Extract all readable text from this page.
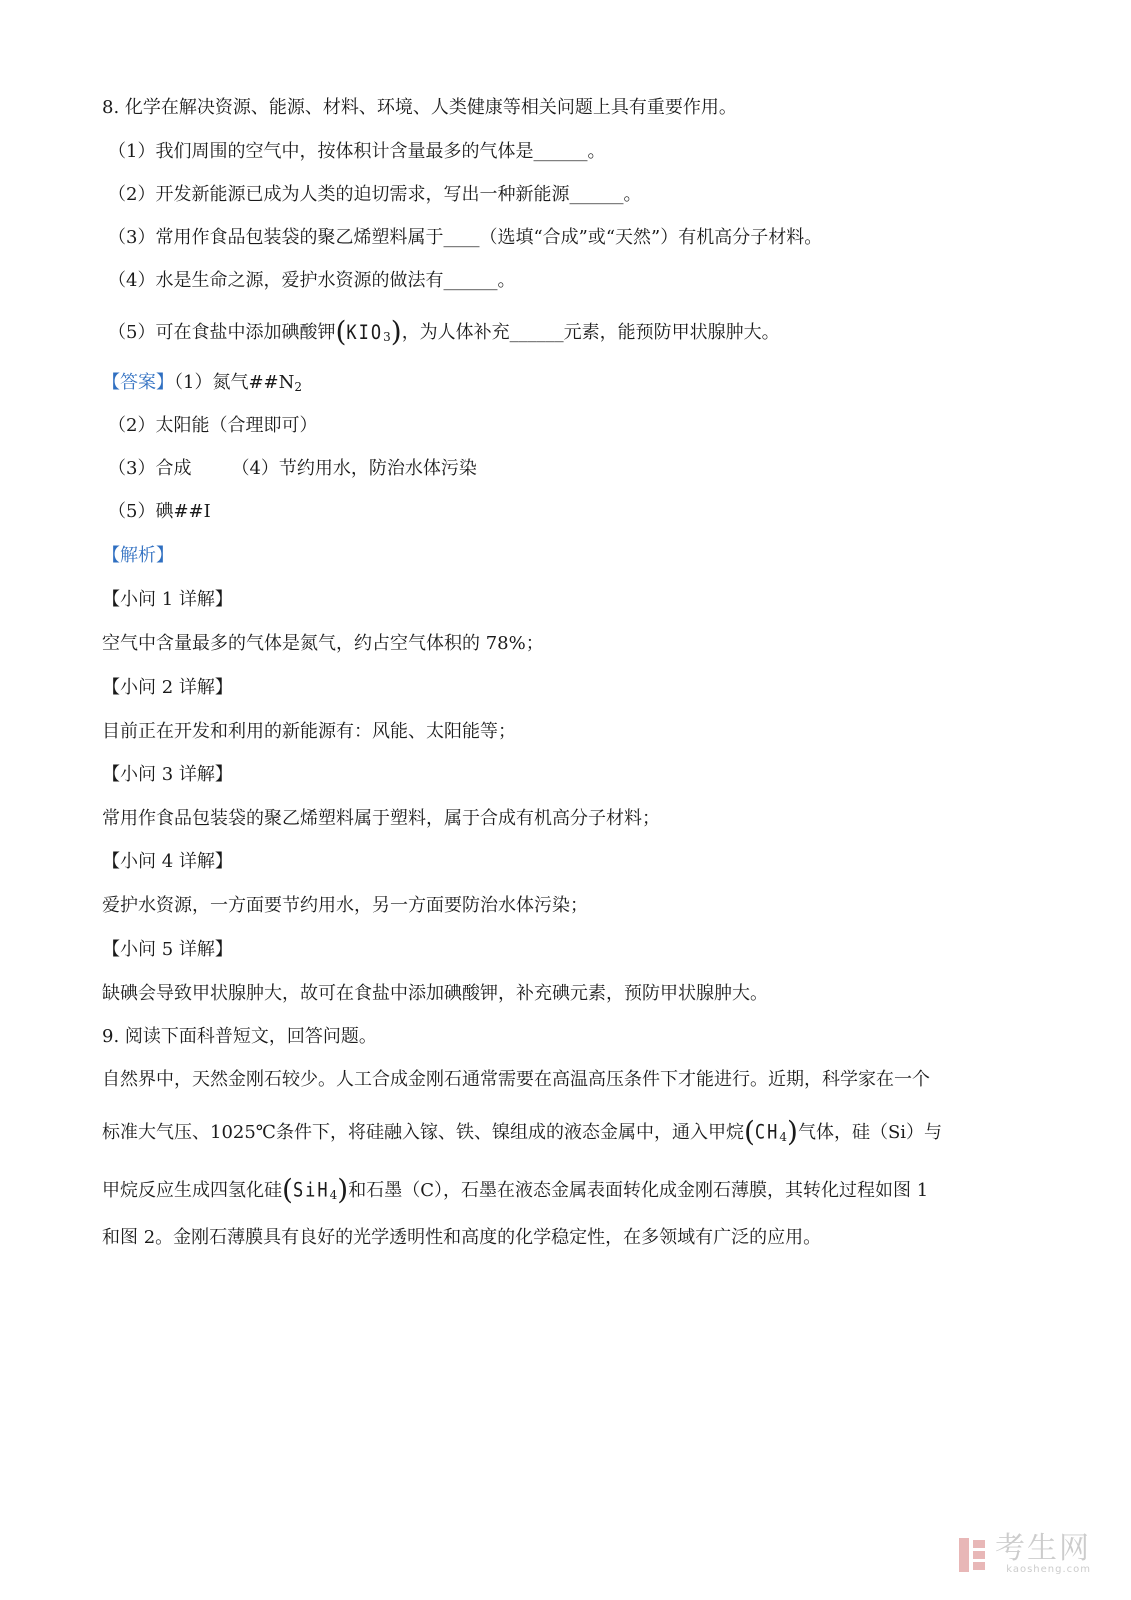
8. 化学在解决资源、能源、材料、环境、人类健康等相关问题上具有重要作用。
（1）我们周围的空气中，按体积计含量最多的气体是______。
（2）开发新能源已成为人类的迫切需求，写出一种新能源______。
（3）常用作食品包装袋的聚乙烯塑料属于____（选填“合成”或“天然”）有机高分子材料。
（4）水是生命之源，爱护水资源的做法有______。
（5）可在食盐中添加碘酸钾$(KIO_3)$，为人体补充______元素，能预防甲状腺肿大。
【答案】（1）氮气$\#\#N_2$
（2）太阳能（合理即可）
（3）合成 （4）节约用水，防治水体污染
（5）碘##I
【解析】
【小问 1 详解】
空气中含量最多的气体是氮气，约占空气体积的 78%；
【小问 2 详解】
目前正在开发和利用的新能源有：风能、太阳能等；
【小问 3 详解】
常用作食品包装袋的聚乙烯塑料属于塑料，属于合成有机高分子材料；
【小问 4 详解】
爱护水资源，一方面要节约用水，另一方面要防治水体污染；
【小问 5 详解】
缺碘会导致甲状腺肿大，故可在食盐中添加碘酸钾，补充碘元素，预防甲状腺肿大。
9. 阅读下面科普短文，回答问题。
自然界中，天然金刚石较少。人工合成金刚石通常需要在高温高压条件下才能进行。近期，科学家在一个
标准大气压、1025℃条件下，将硅融入镓、铁、镍组成的液态金属中，通入甲烷$(CH_4)$气体，硅（Si）与
甲烷反应生成四氢化硅(SiH$_4$)和石墨（C），石墨在液态金属表面转化成金刚石薄膜，其转化过程如图 1
和图 2。金刚石薄膜具有良好的光学透明性和高度的化学稳定性，在多领域有广泛的应用。
考生网
kaosheng.com
